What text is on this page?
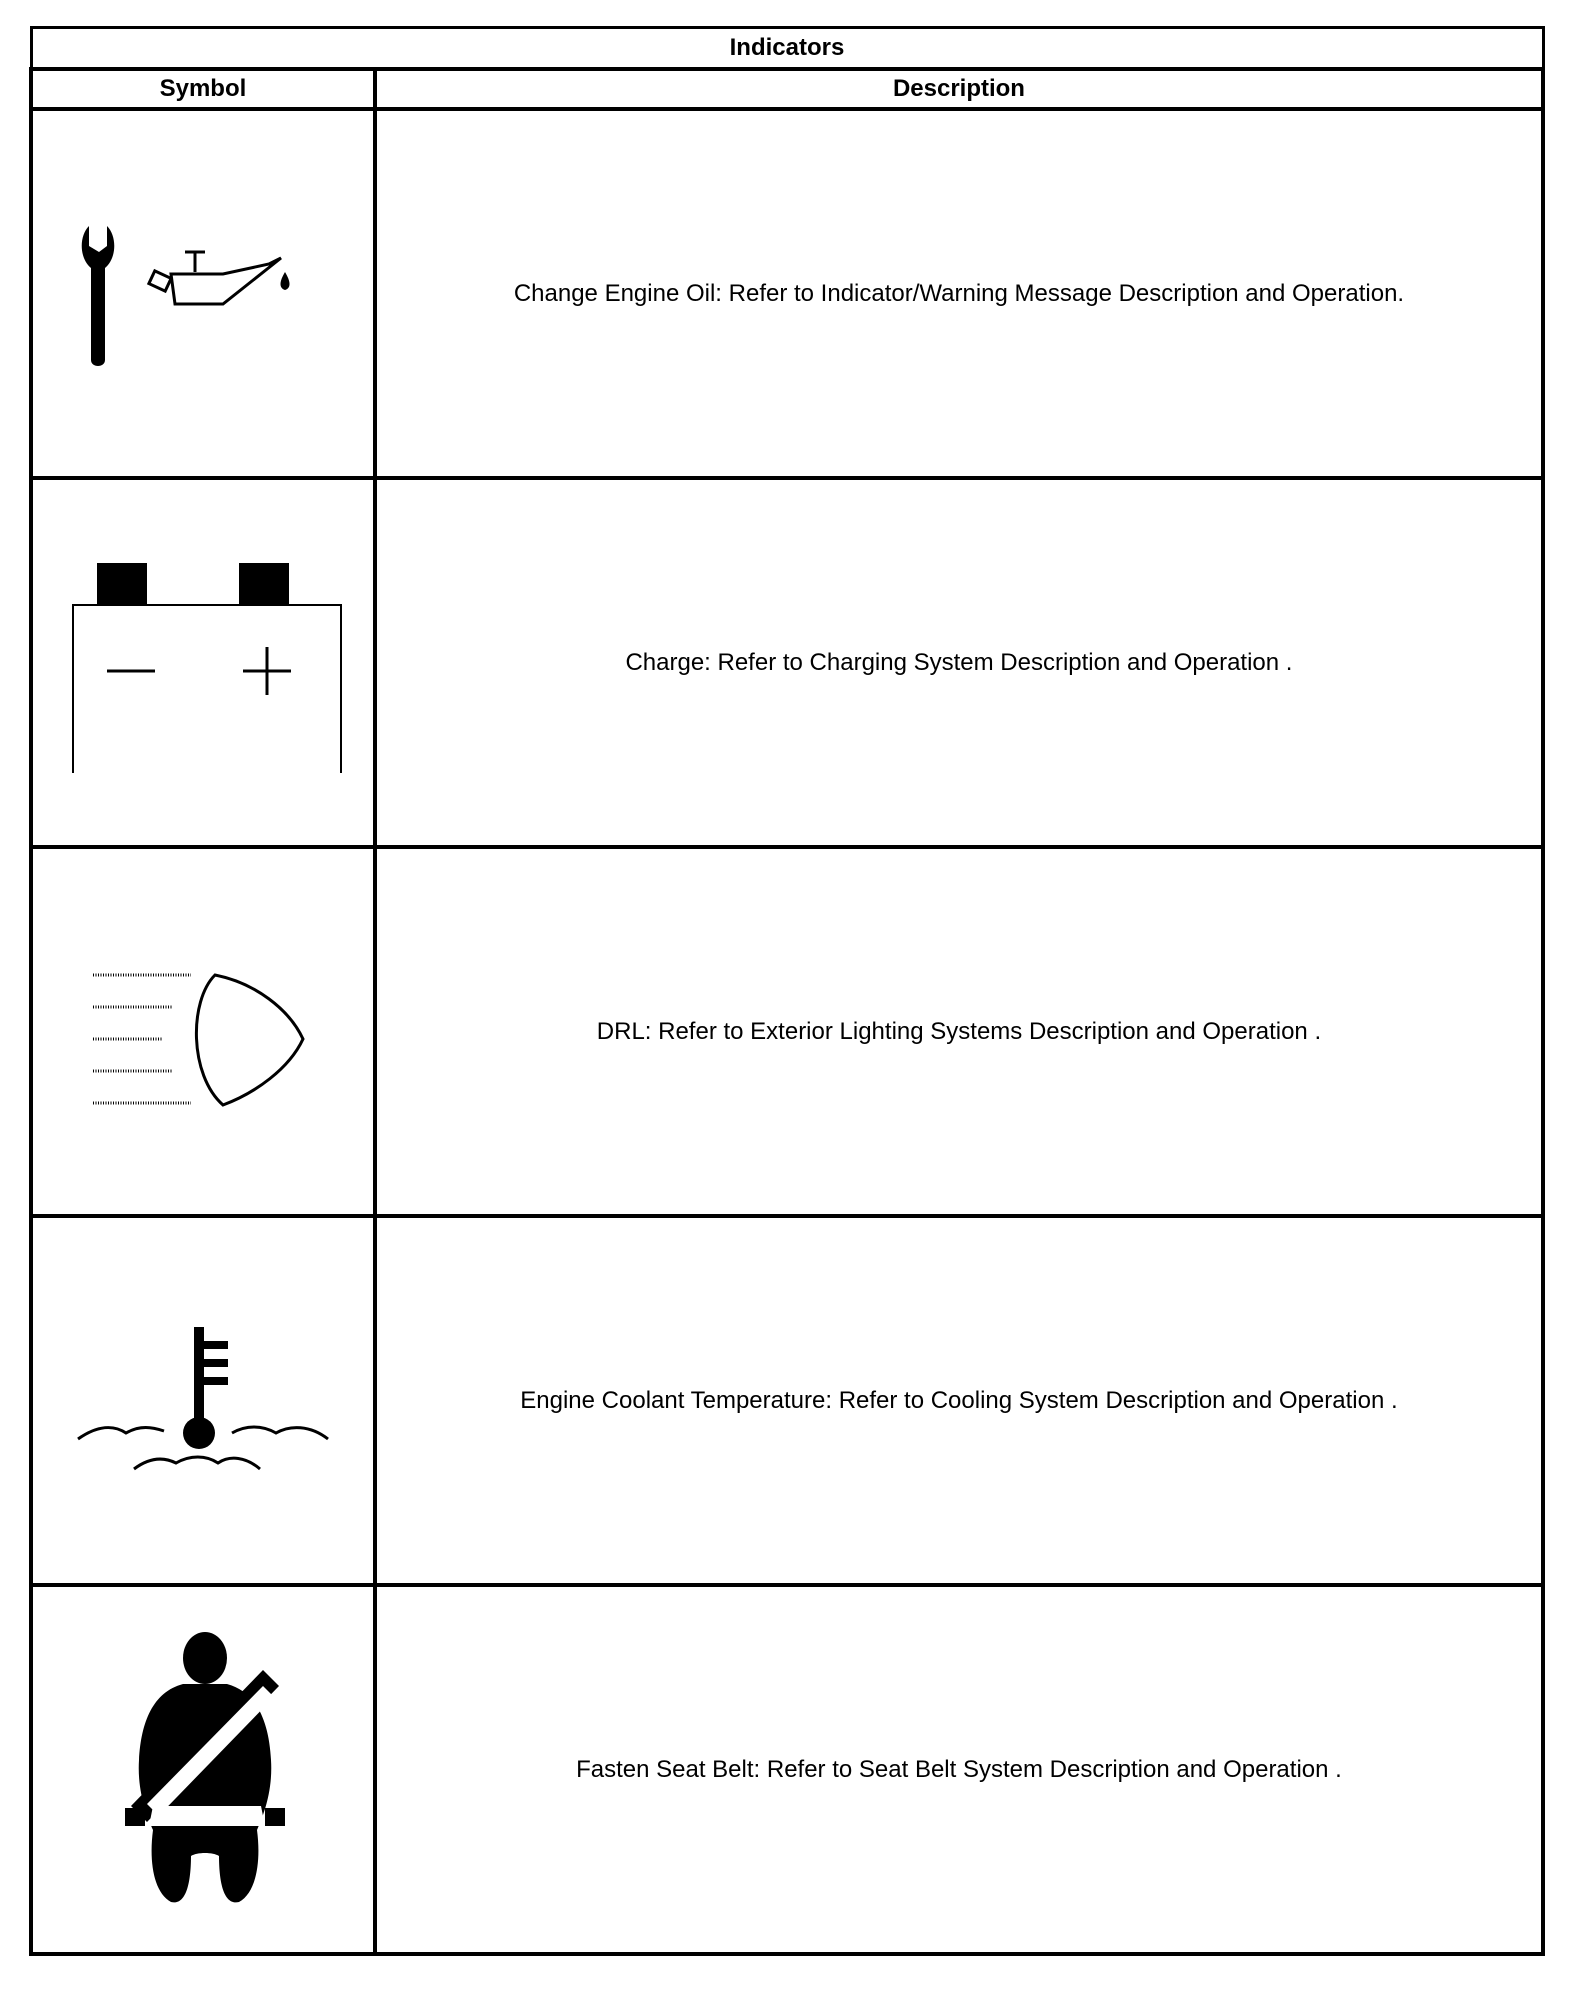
Indicators	
Symbol	Description

	Change Engine Oil: Refer to Indicator/Warning Message Description and Operation.

	Charge: Refer to Charging System Description and Operation .

	DRL: Refer to Exterior Lighting Systems Description and Operation .

	Engine Coolant Temperature: Refer to Cooling System Description and Operation .

	Fasten Seat Belt: Refer to Seat Belt System Description and Operation .
